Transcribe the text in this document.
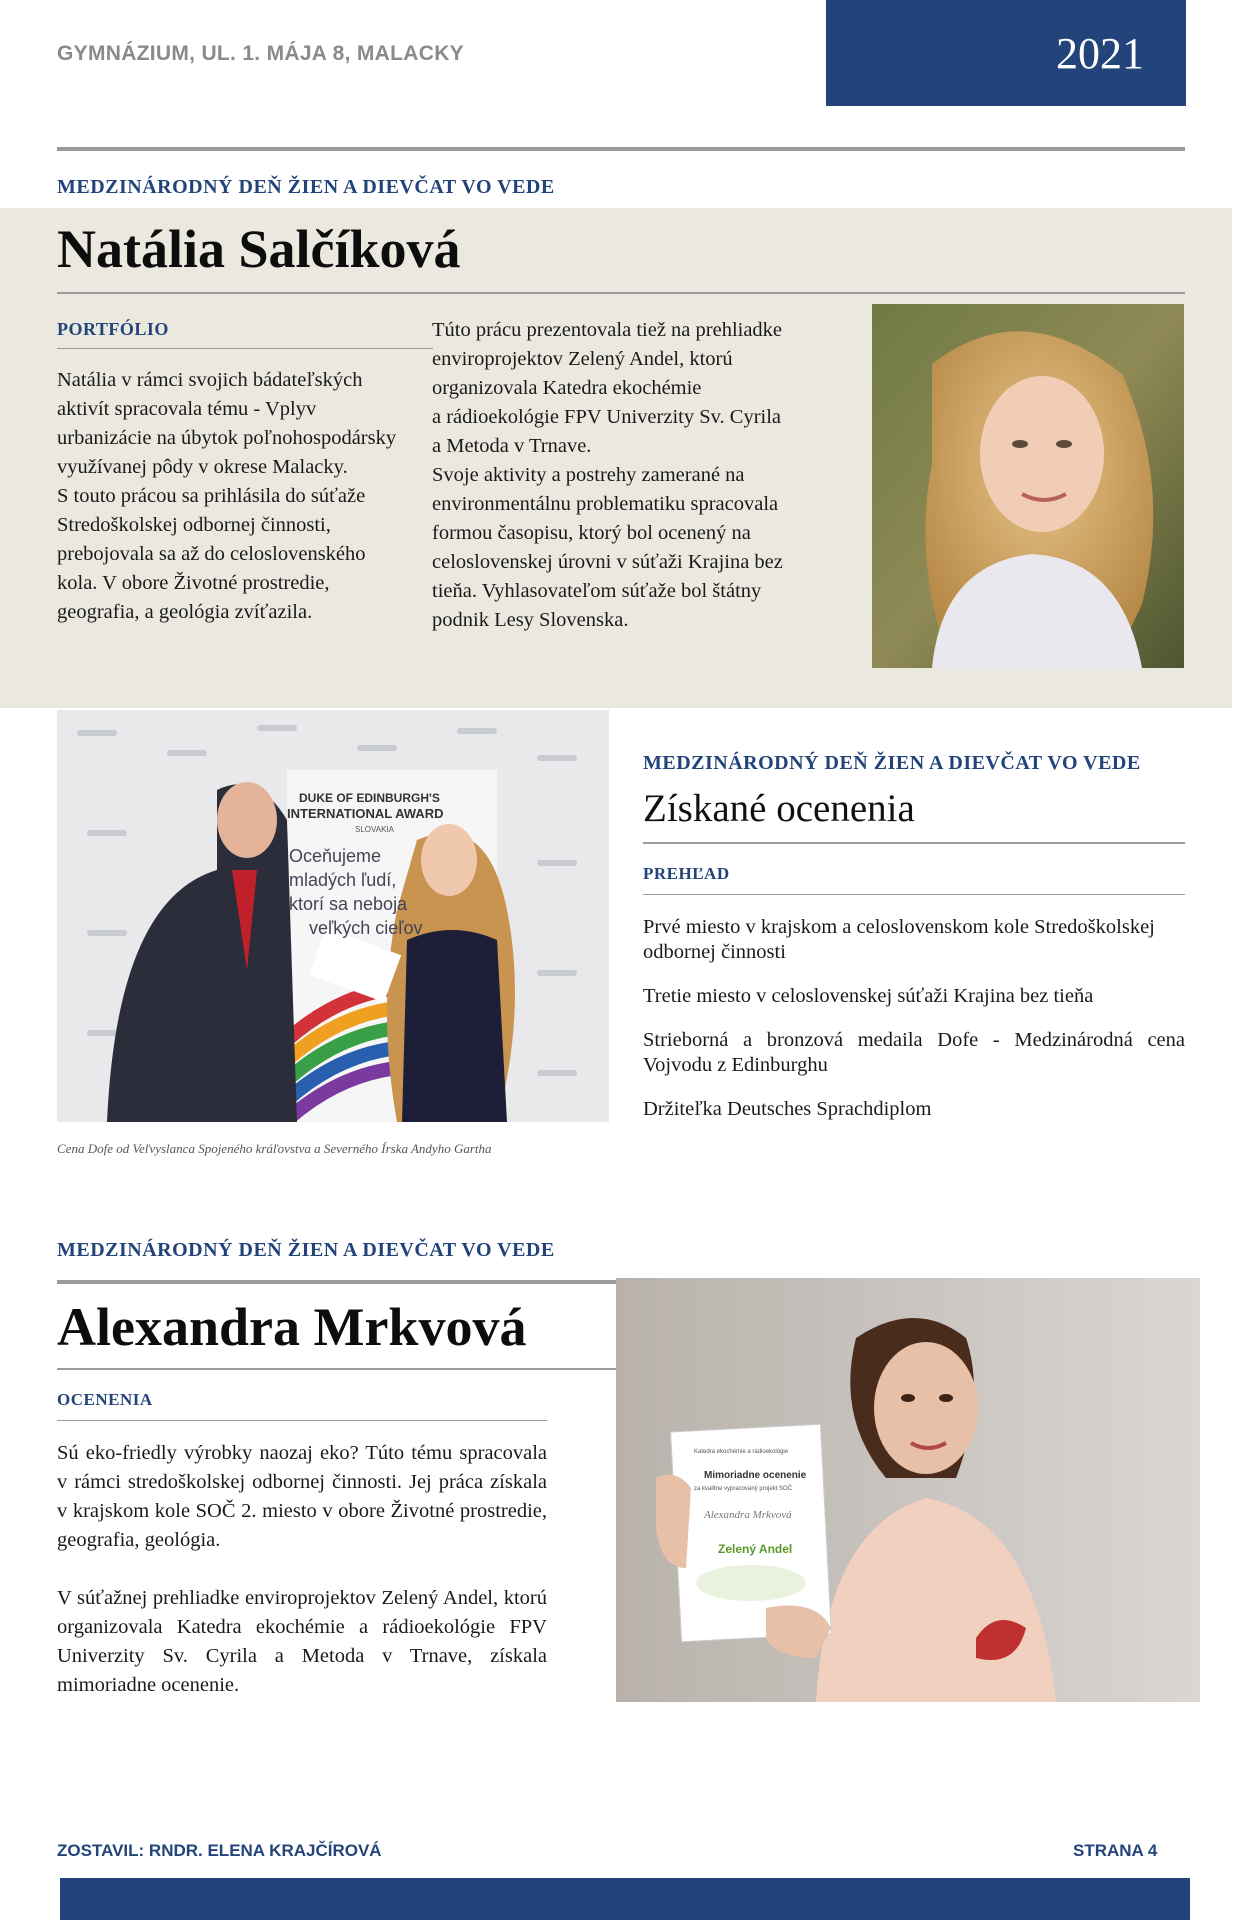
GYMNÁZIUM, UL. 1. MÁJA 8, MALACKY	2021
MEDZINÁRODNÝ DEŇ ŽIEN A DIEVČAT VO VEDE
Natália Salčíková
PORTFÓLIO
Natália v rámci svojich bádateľských
aktivít spracovala tému - Vplyv
urbanizácie na úbytok poľnohospodársky
využívanej pôdy v okrese Malacky.
S touto prácou sa prihlásila do súťaže
Stredoškolskej odbornej činnosti,
prebojovala sa až do celoslovenského
kola. V obore Životné prostredie,
geografia, a geológia zvíťazila.
Túto prácu prezentovala tiež na prehliadke
enviroprojektov Zelený Andel, ktorú
organizovala Katedra ekochémie
a rádioekológie FPV Univerzity Sv. Cyrila
a Metoda v Trnave.
Svoje aktivity a postrehy zamerané na
environmentálnu problematiku spracovala
formou časopisu, ktorý bol ocenený na
celoslovenskej úrovni v súťaži Krajina bez
tieňa. Vyhlasovateľom súťaže bol štátny
podnik Lesy Slovenska.
DUKE OF EDINBURGH'S
INTERNATIONAL AWARD
SLOVAKIA
Oceňujeme
mladých ľudí,
ktorí sa neboja
veľkých cieľov
Cena Dofe od Veľvyslanca Spojeného kráľovstva a Severného Írska Andyho Gartha
MEDZINÁRODNÝ DEŇ ŽIEN A DIEVČAT VO VEDE
Získané ocenenia
PREHĽAD
Prvé miesto v krajskom a celoslovenskom kole Stredoškolskej odbornej činnosti
Tretie miesto v celoslovenskej súťaži Krajina bez tieňa
Strieborná a bronzová medaila Dofe - Medzinárodná cena Vojvodu z Edinburghu
Držiteľka Deutsches Sprachdiplom
MEDZINÁRODNÝ DEŇ ŽIEN A DIEVČAT VO VEDE
Alexandra Mrkvová
OCENENIA
Sú eko-friedly výrobky naozaj eko? Túto tému spracovala v rámci stredoškolskej odbornej činnosti. Jej práca získala v krajskom kole SOČ 2. miesto v obore Životné prostredie, geografia, geológia.
V súťažnej prehliadke enviroprojektov Zelený Andel, ktorú organizovala Katedra ekochémie a rádioekológie FPV Univerzity Sv. Cyrila a Metoda v Trnave, získala mimoriadne ocenenie.
Katedra ekochémie a rádioekológie
Mimoriadne ocenenie
za kvalitne vypracovaný projekt SOČ
Alexandra Mrkvová
Zelený Andel
ZOSTAVIL: RNDR. ELENA KRAJČÍROVÁ	STRANA 4
